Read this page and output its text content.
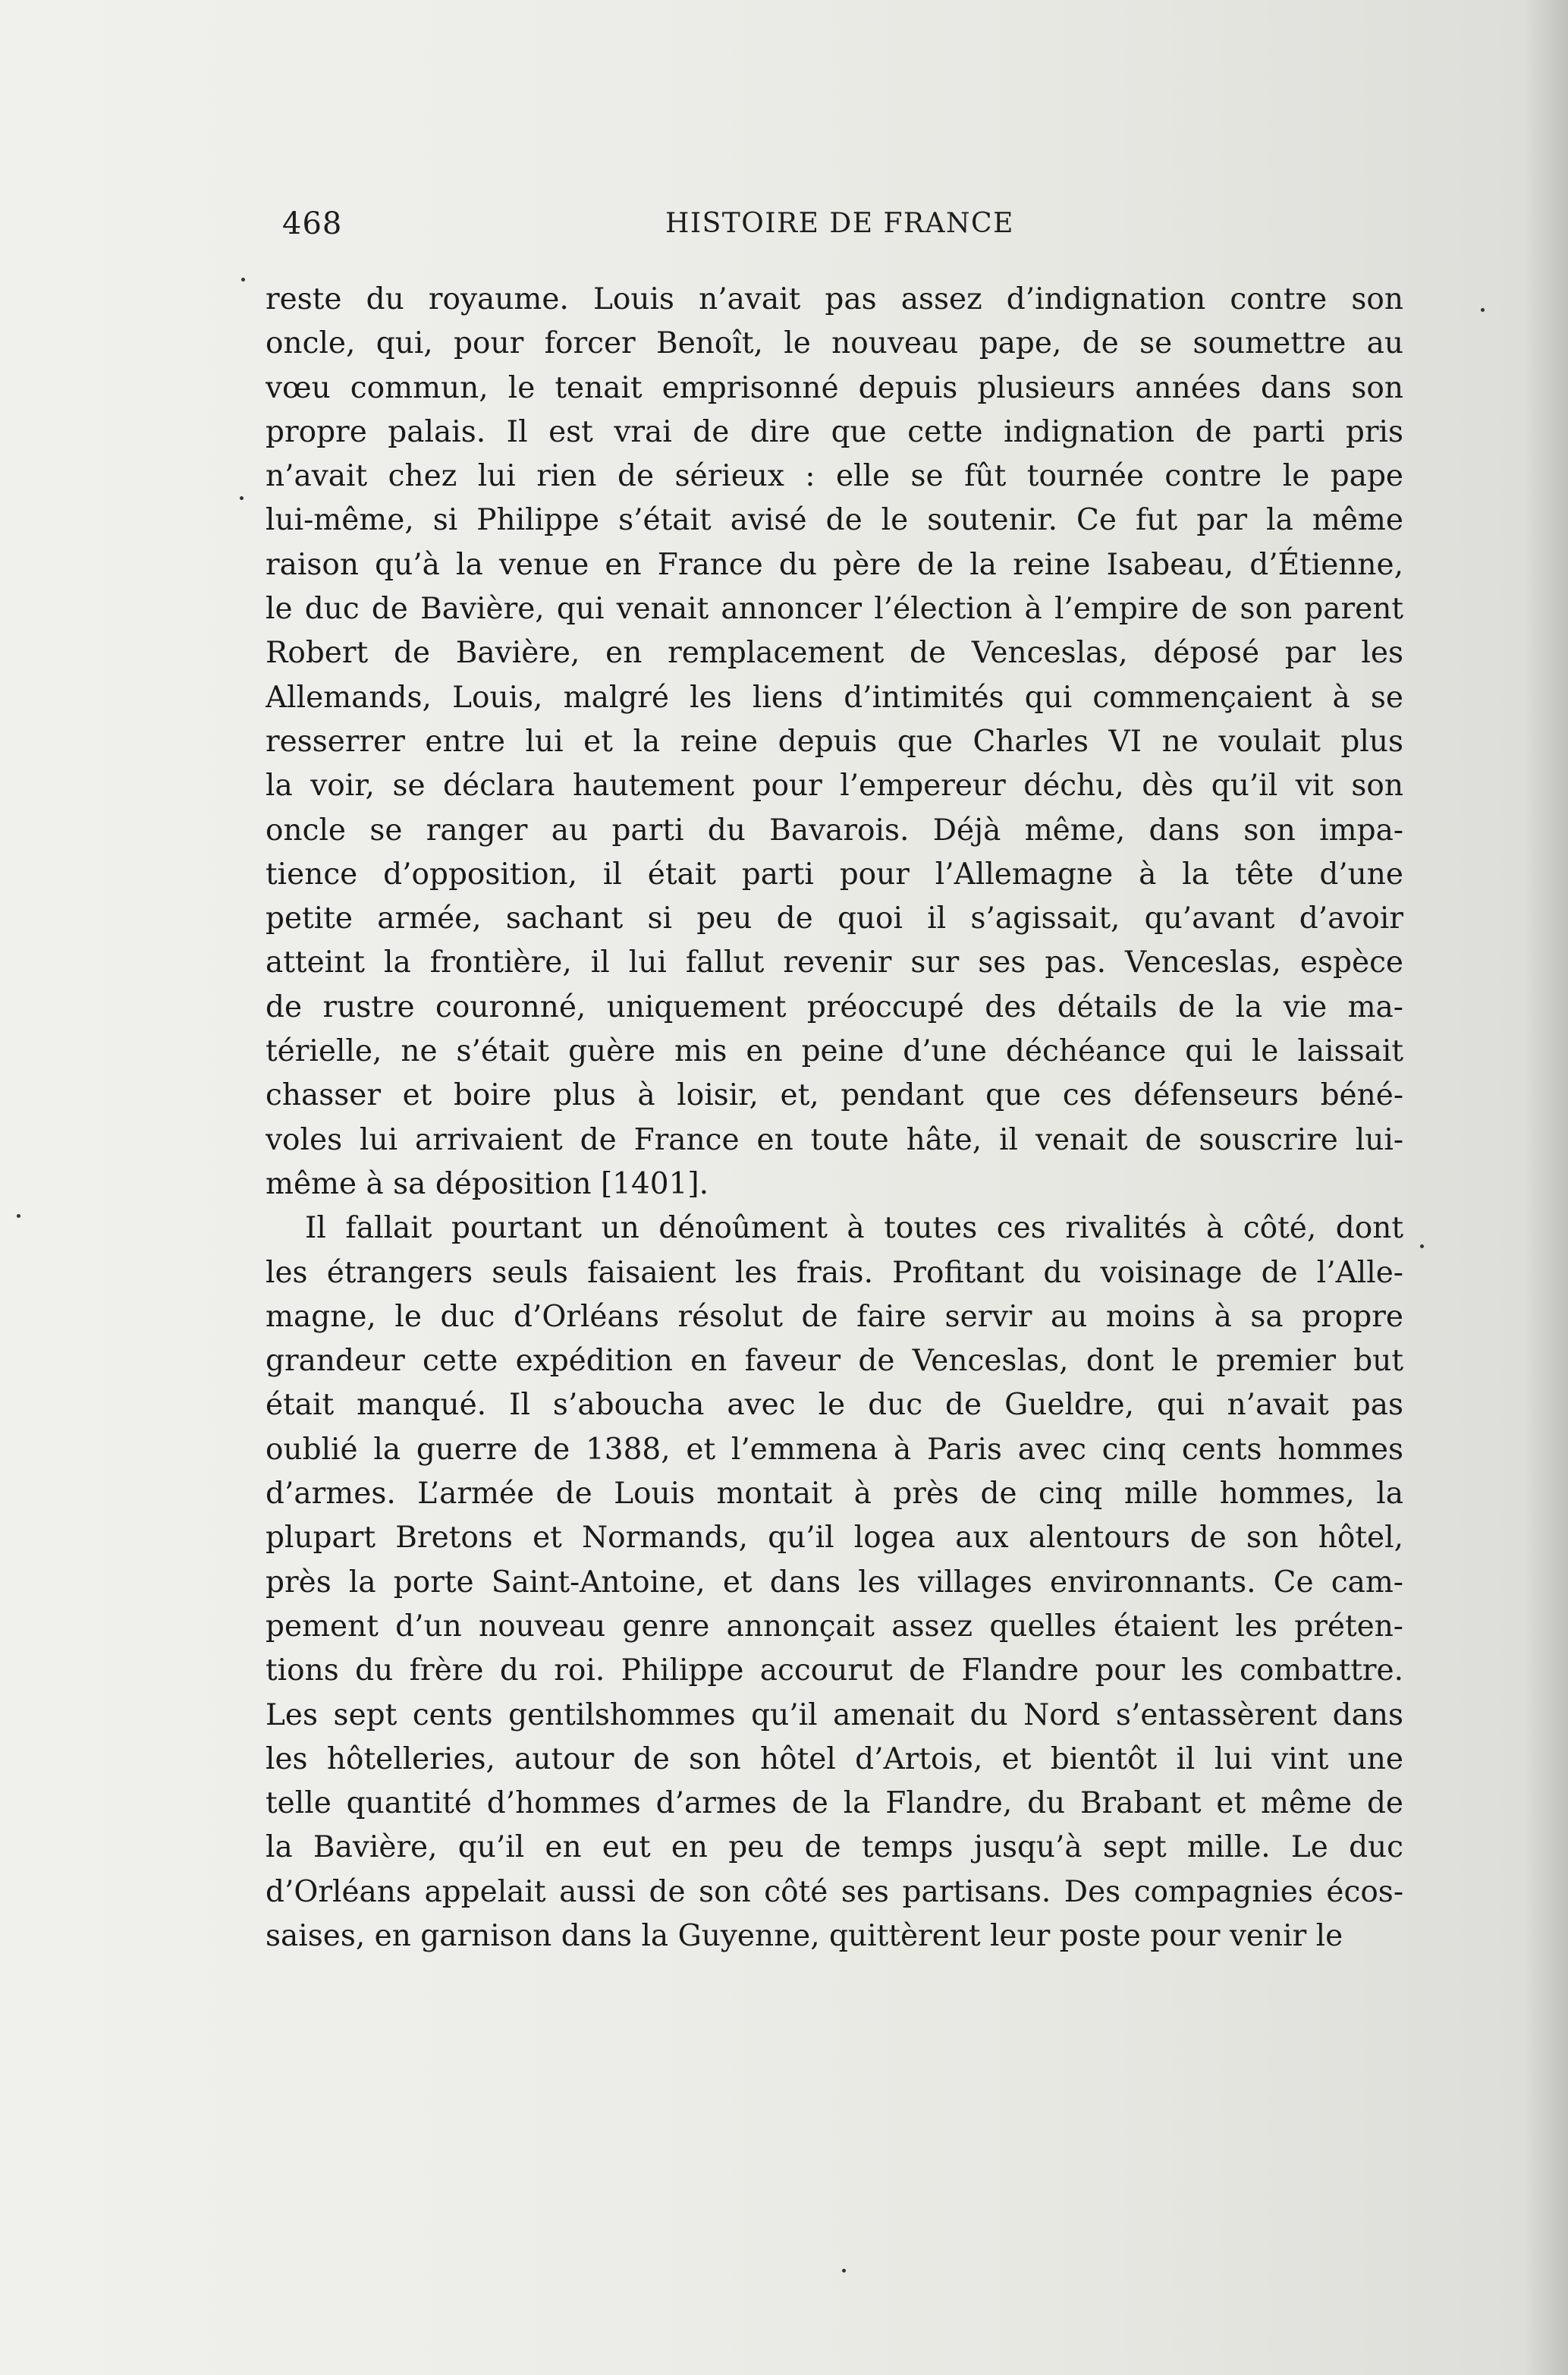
468	HISTOIRE DE FRANCE
reste du royaume. Louis n’avait pas assez d’indignation contre son
oncle, qui, pour forcer Benoît, le nouveau pape, de se soumettre au
vœu commun, le tenait emprisonné depuis plusieurs années dans son
propre palais. Il est vrai de dire que cette indignation de parti pris
n’avait chez lui rien de sérieux : elle se fût tournée contre le pape
lui-même, si Philippe s’était avisé de le soutenir. Ce fut par la même
raison qu’à la venue en France du père de la reine Isabeau, d’Étienne,
le duc de Bavière, qui venait annoncer l’élection à l’empire de son parent
Robert de Bavière, en remplacement de Venceslas, déposé par les
Allemands, Louis, malgré les liens d’intimités qui commençaient à se
resserrer entre lui et la reine depuis que Charles VI ne voulait plus
la voir, se déclara hautement pour l’empereur déchu, dès qu’il vit son
oncle se ranger au parti du Bavarois. Déjà même, dans son impa-
tience d’opposition, il était parti pour l’Allemagne à la tête d’une
petite armée, sachant si peu de quoi il s’agissait, qu’avant d’avoir
atteint la frontière, il lui fallut revenir sur ses pas. Venceslas, espèce
de rustre couronné, uniquement préoccupé des détails de la vie ma-
térielle, ne s’était guère mis en peine d’une déchéance qui le laissait
chasser et boire plus à loisir, et, pendant que ces défenseurs béné-
voles lui arrivaient de France en toute hâte, il venait de souscrire lui-
même à sa déposition [1401].
Il fallait pourtant un dénoûment à toutes ces rivalités à côté, dont
les étrangers seuls faisaient les frais. Profitant du voisinage de l’Alle-
magne, le duc d’Orléans résolut de faire servir au moins à sa propre
grandeur cette expédition en faveur de Venceslas, dont le premier but
était manqué. Il s’aboucha avec le duc de Gueldre, qui n’avait pas
oublié la guerre de 1388, et l’emmena à Paris avec cinq cents hommes
d’armes. L’armée de Louis montait à près de cinq mille hommes, la
plupart Bretons et Normands, qu’il logea aux alentours de son hôtel,
près la porte Saint-Antoine, et dans les villages environnants. Ce cam-
pement d’un nouveau genre annonçait assez quelles étaient les préten-
tions du frère du roi. Philippe accourut de Flandre pour les combattre.
Les sept cents gentilshommes qu’il amenait du Nord s’entassèrent dans
les hôtelleries, autour de son hôtel d’Artois, et bientôt il lui vint une
telle quantité d’hommes d’armes de la Flandre, du Brabant et même de
la Bavière, qu’il en eut en peu de temps jusqu’à sept mille. Le duc
d’Orléans appelait aussi de son côté ses partisans. Des compagnies écos-
saises, en garnison dans la Guyenne, quittèrent leur poste pour venir le
